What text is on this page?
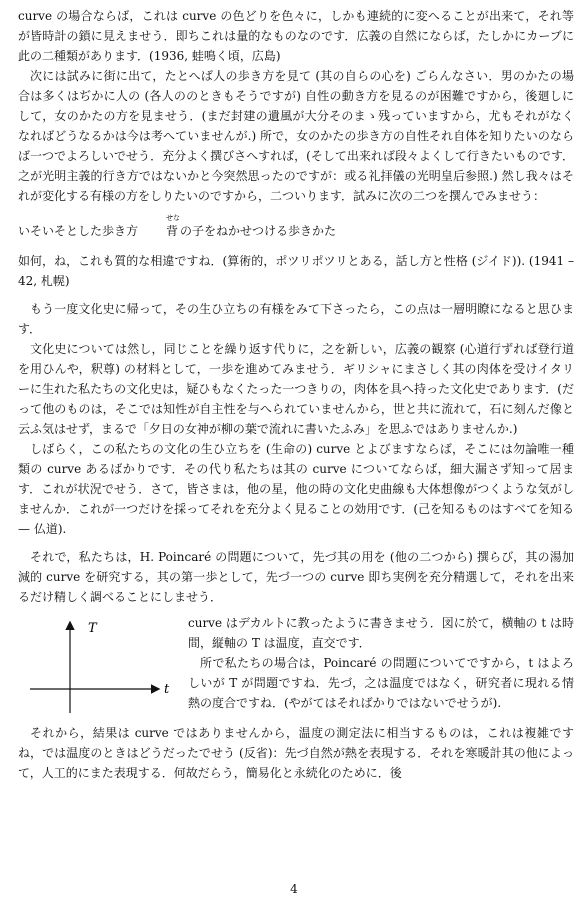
curve の場合ならば，これは curve の色どりを色々に，しかも連続的に変へることが出来て，それ等が皆時計の鎖に見えませう．即ちこれは量的なものなのです．広義の自然にならば，たしかにカーブに此の二種類があります．(1936, 蛙鳴く頃，広島)

次には試みに街に出て，たとへば人の歩き方を見て (其の自らの心を) ごらんなさい．男のかたの場合は多くはぢかに人の (各人ののときもそうですが) 自性の動き方を見るのが困難ですから，後廻しにして，女のかたの方を見ませう．(まだ封建の遺風が大分そのまゝ残っていますから，尤もそれがなくなればどうなるかは今は考へていませんが.) 所で，女のかたの歩き方の自性それ自体を知りたいのならば一つでよろしいでせう．充分よく撰びさへすれば，(そして出来れば段々よくして行きたいものです．之が光明主義的行き方ではないかと今突然思ったのですが：或る礼拝儀の光明皇后参照.) 然し我々はそれが変化する有様の方をしりたいのですから，二ついります．試みに次の二つを撰んでみませう：

いそいそとした歩き方 背せなの子をねかせつける歩きかた

如何，ね，これも質的な相違ですね．(算術的，ポツリポツリとある，話し方と性格 (ジイド)). (1941 – 42, 札幌)

もう一度文化史に帰って，その生ひ立ちの有様をみて下さったら，この点は一層明瞭になると思ひます．

文化史については然し，同じことを繰り返す代りに，之を新しい，広義の観察 (心道行ずれば登行道を用ひんや，釈尊) の材料として，一歩を進めてみませう．ギリシャにまさしく其の肉体を受けイタリーに生れた私たちの文化史は，疑ひもなくたった一つきりの，肉体を具へ持った文化史であります．(だって他のものは，そこでは知性が自主性を与へられていませんから，世と共に流れて，石に刻んだ像と云ふ気はせず，まるで「夕日の女神が柳の葉で流れに書いたふみ」を思ふではありませんか.)

しばらく，この私たちの文化の生ひ立ちを (生命の) curve とよびますならば，そこには勿論唯一種類の curve あるばかりです．その代り私たちは其の curve についてならば，細大漏さず知って居ます．これが状況でせう．さて，皆さまは，他の星，他の時の文化史曲線も大体想像がつくような気がしませんか．これが一つだけを採ってそれを充分よく見ることの効用です．(己を知るものはすべてを知る — 仏道).

それで，私たちは，H. Poincaré の問題について，先づ其の用を (他の二つから) 撰らび，其の湯加減的 curve を研究する，其の第一歩として，先づ一つの curve 即ち実例を充分精選して，それを出来るだけ精しく調べることにしませう．

T
t

curve はデカルトに教ったように書きませう．図に於て，横軸の t は時間，縦軸の T は温度，直交です．

所で私たちの場合は，Poincaré の問題についてですから，t はよろしいが T が問題ですね．先づ，之は温度ではなく，研究者に現れる情熱の度合ですね．(やがてはそればかりではないでせうが).

それから，結果は curve ではありませんから，温度の測定法に相当するものは，これは複雑ですね，では温度のときはどうだったでせう (反省)：先づ自然が熱を表現する．それを寒暖計其の他によって，人工的にまた表現する．何故だらう，簡易化と永続化のために．後

4
